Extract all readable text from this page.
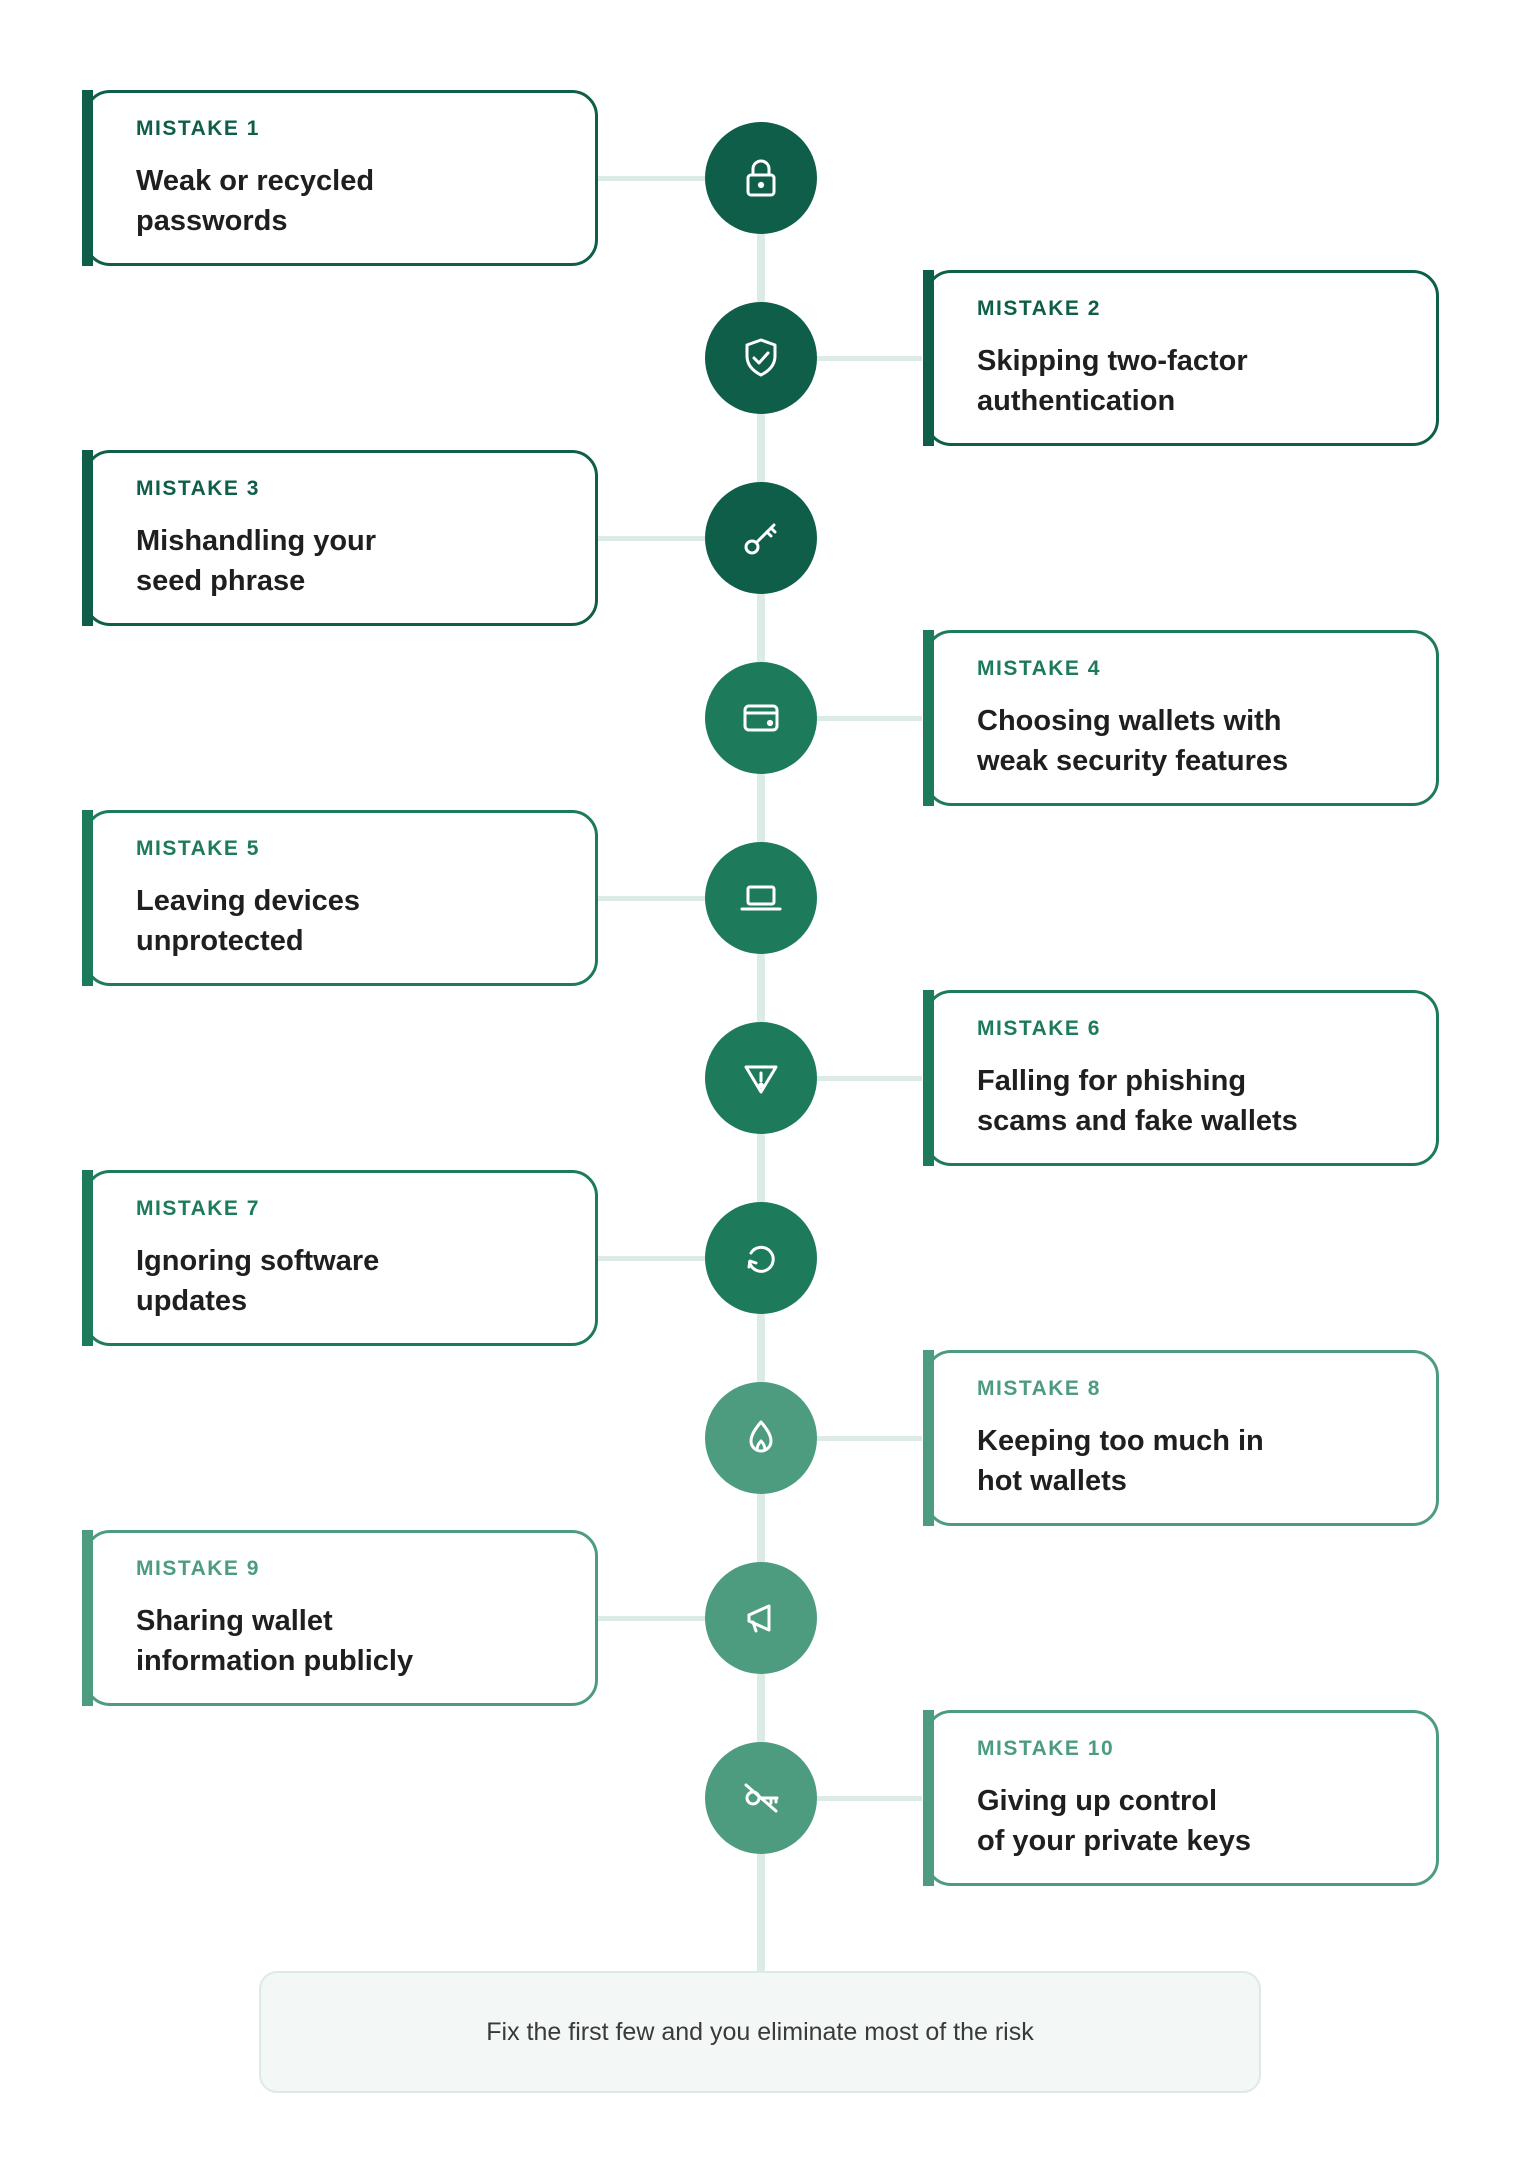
Fix the first few and you eliminate most of the risk
MISTAKE 1
Weak or recycled
passwords
MISTAKE 2
Skipping two-factor
authentication
MISTAKE 3
Mishandling your
seed phrase
MISTAKE 4
Choosing wallets with
weak security features
MISTAKE 5
Leaving devices
unprotected
MISTAKE 6
Falling for phishing
scams and fake wallets
MISTAKE 7
Ignoring software
updates
MISTAKE 8
Keeping too much in
hot wallets
MISTAKE 9
Sharing wallet
information publicly
MISTAKE 10
Giving up control
of your private keys
